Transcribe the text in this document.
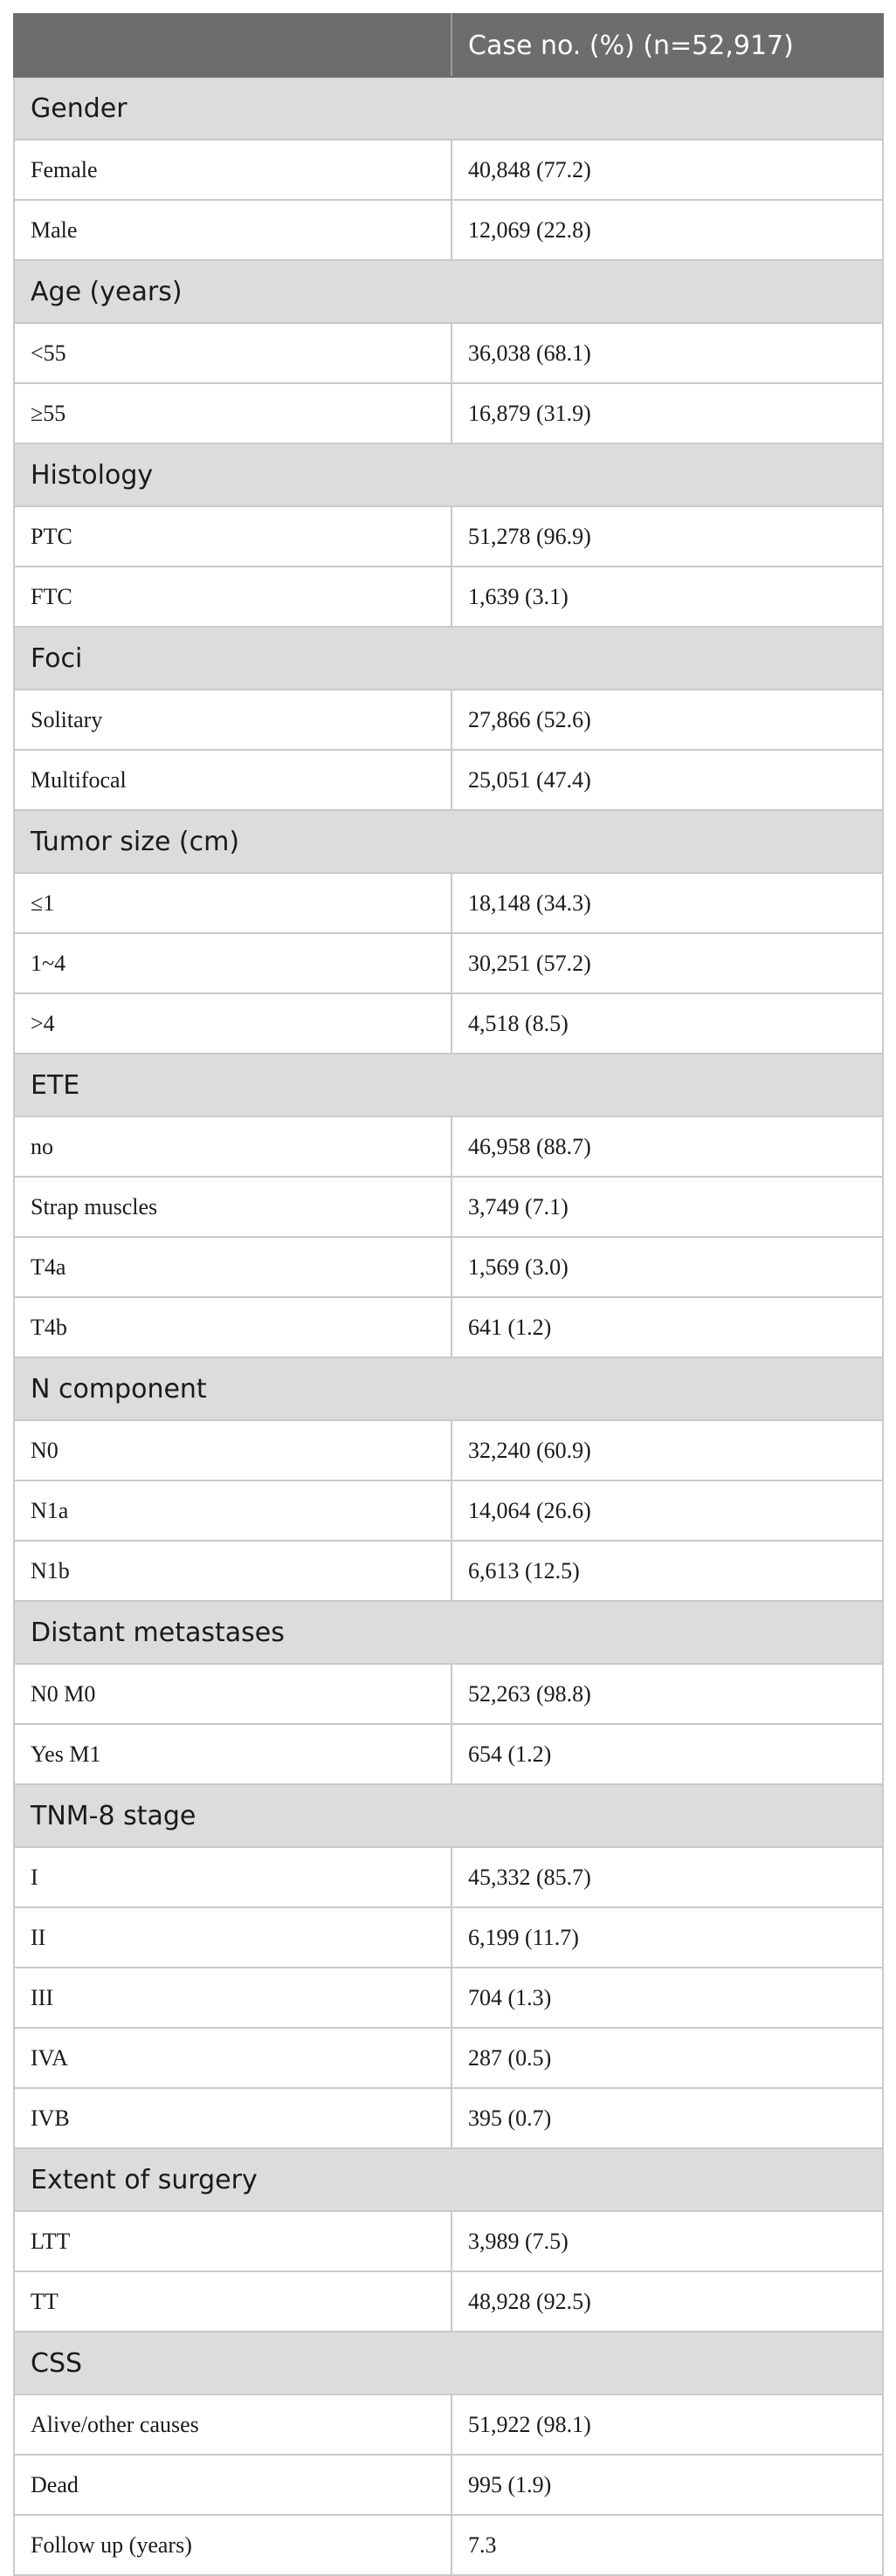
	Case no. (%) (n=52,917)
Gender	
Female	40,848 (77.2)
Male	12,069 (22.8)
Age (years)	
<55	36,038 (68.1)
≥55	16,879 (31.9)
Histology	
PTC	51,278 (96.9)
FTC	1,639 (3.1)
Foci	
Solitary	27,866 (52.6)
Multifocal	25,051 (47.4)
Tumor size (cm)	
≤1	18,148 (34.3)
1~4	30,251 (57.2)
>4	4,518 (8.5)
ETE	
no	46,958 (88.7)
Strap muscles	3,749 (7.1)
T4a	1,569 (3.0)
T4b	641 (1.2)
N component	
N0	32,240 (60.9)
N1a	14,064 (26.6)
N1b	6,613 (12.5)
Distant metastases	
N0 M0	52,263 (98.8)
Yes M1	654 (1.2)
TNM-8 stage	
I	45,332 (85.7)
II	6,199 (11.7)
III	704 (1.3)
IVA	287 (0.5)
IVB	395 (0.7)
Extent of surgery	
LTT	3,989 (7.5)
TT	48,928 (92.5)
CSS	
Alive/other causes	51,922 (98.1)
Dead	995 (1.9)
Follow up (years)	7.3
